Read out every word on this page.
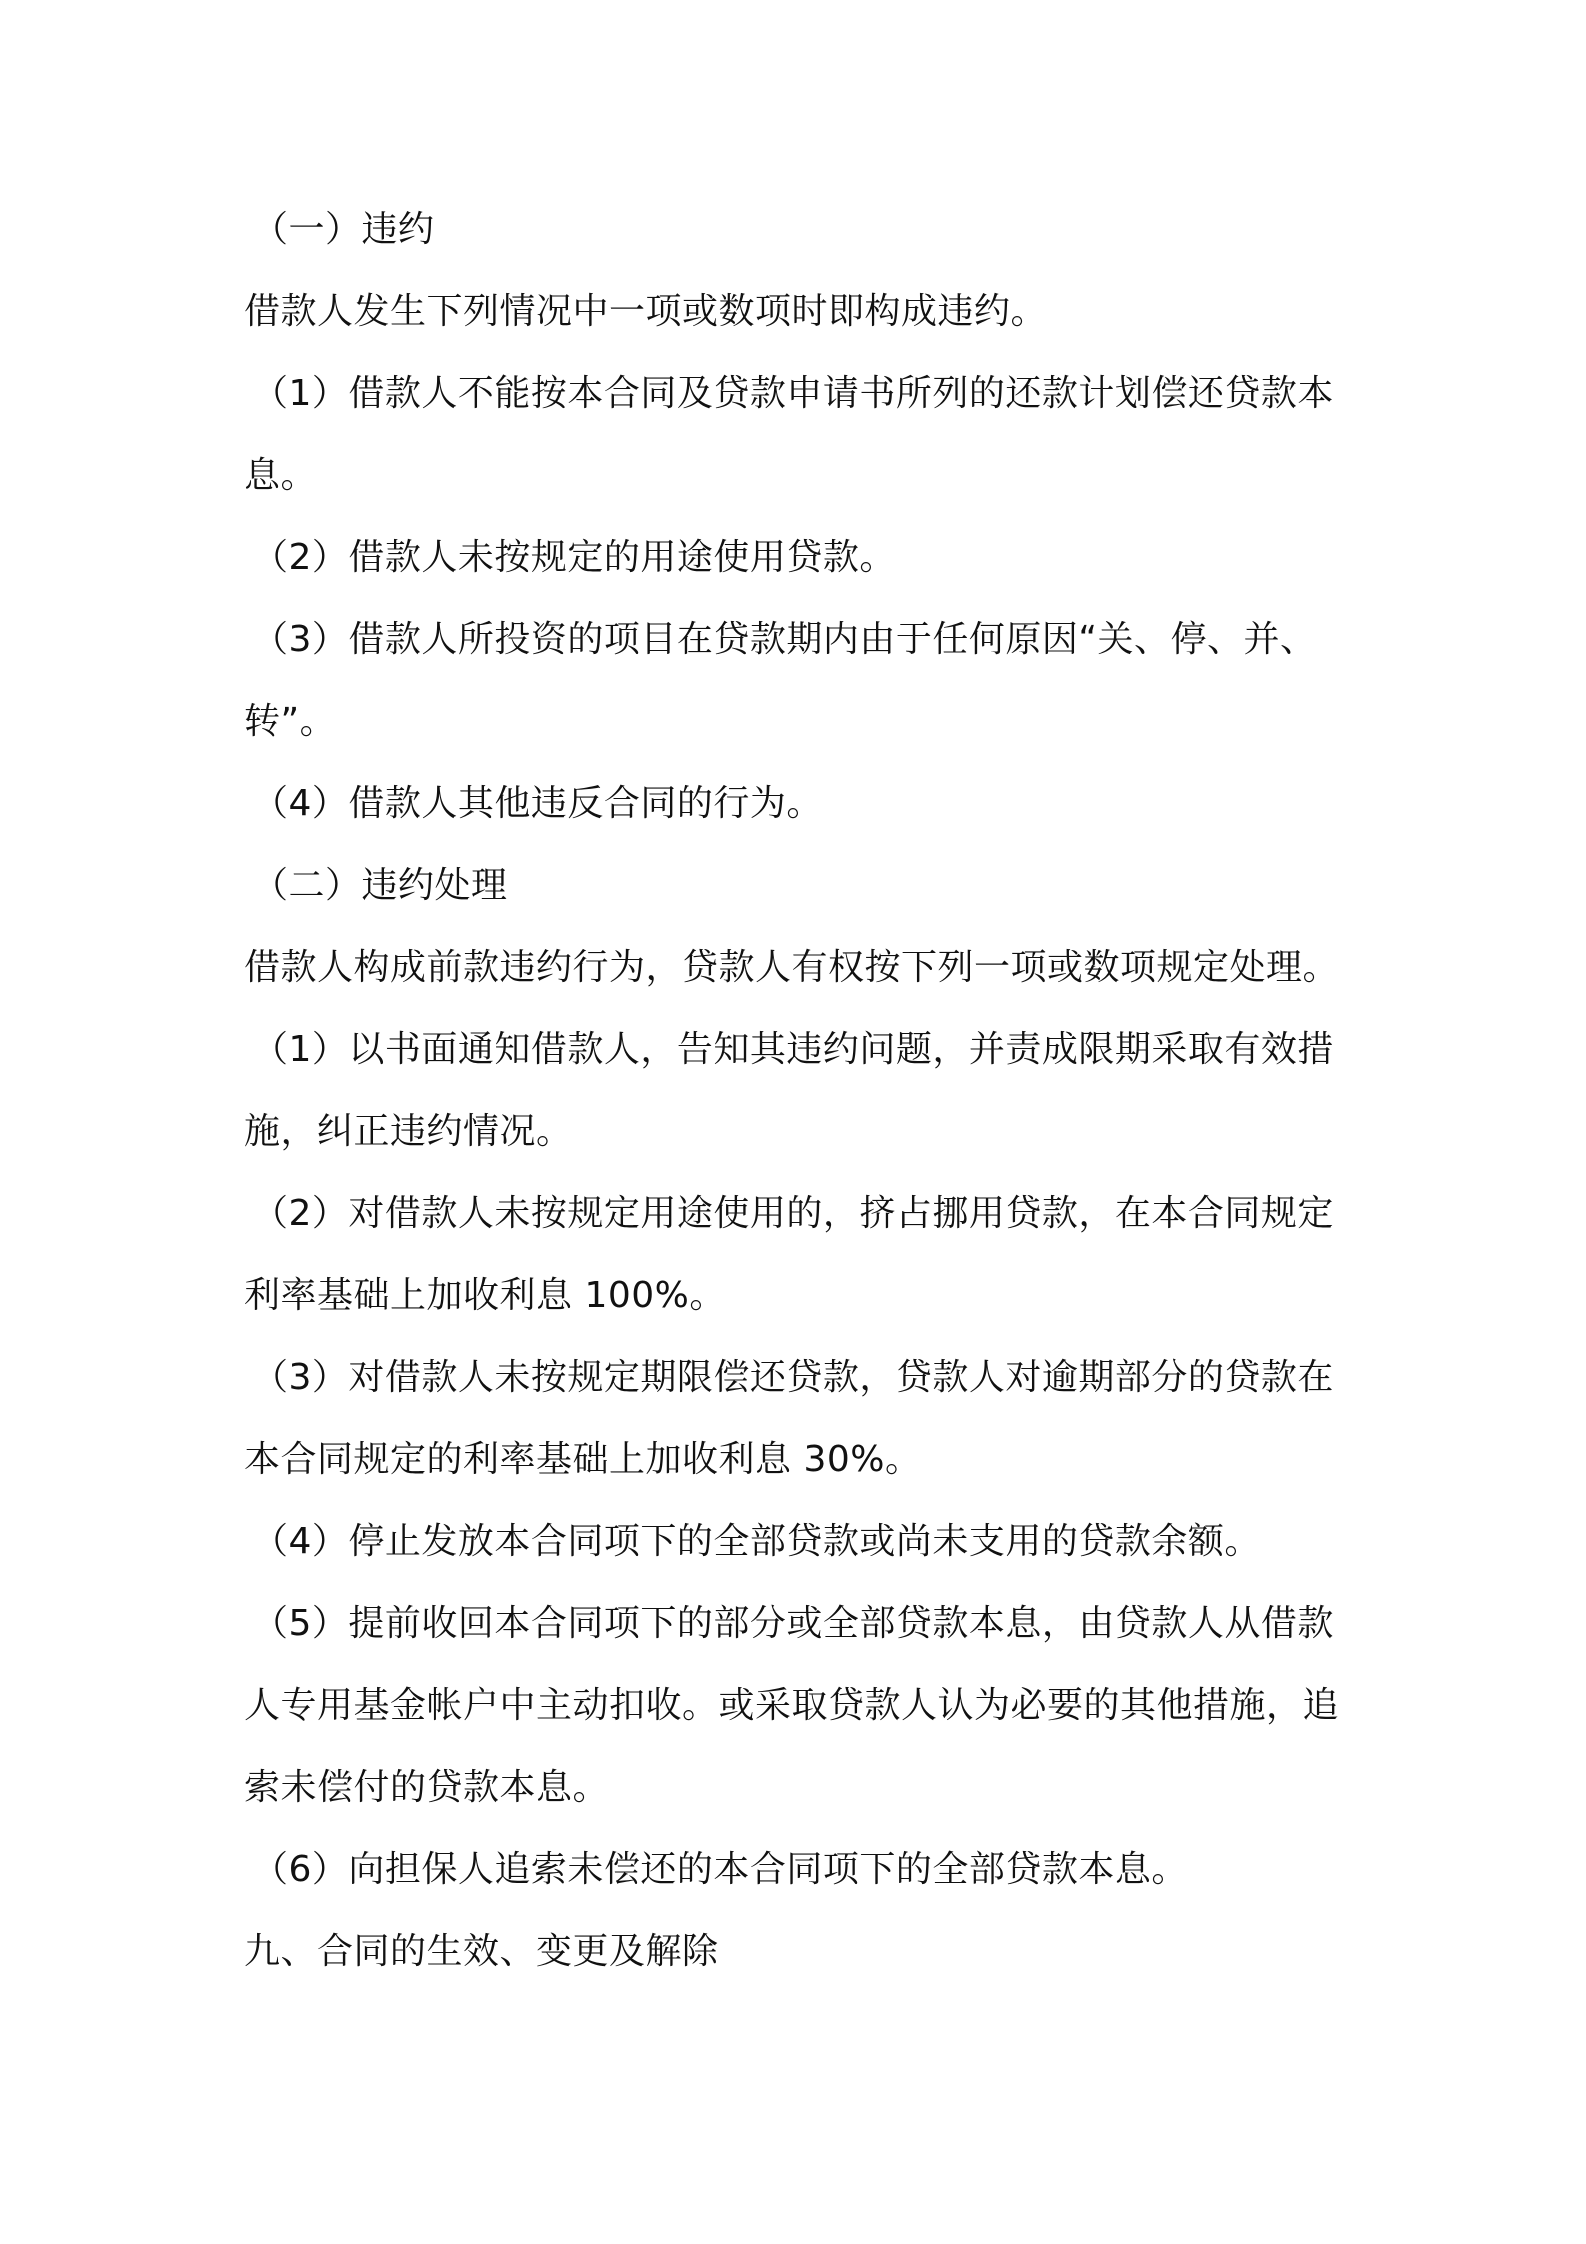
（一）违约
借款人发生下列情况中一项或数项时即构成违约。
（1）借款人不能按本合同及贷款申请书所列的还款计划偿还贷款本
息。
（2）借款人未按规定的用途使用贷款。
（3）借款人所投资的项目在贷款期内由于任何原因“关、停、并、
转”。
（4）借款人其他违反合同的行为。
（二）违约处理
借款人构成前款违约行为，贷款人有权按下列一项或数项规定处理。
（1）以书面通知借款人，告知其违约问题，并责成限期采取有效措
施，纠正违约情况。
（2）对借款人未按规定用途使用的，挤占挪用贷款，在本合同规定
利率基础上加收利息 100%。
（3）对借款人未按规定期限偿还贷款，贷款人对逾期部分的贷款在
本合同规定的利率基础上加收利息 30%。
（4）停止发放本合同项下的全部贷款或尚未支用的贷款余额。
（5）提前收回本合同项下的部分或全部贷款本息，由贷款人从借款
人专用基金帐户中主动扣收。或采取贷款人认为必要的其他措施，追
索未偿付的贷款本息。
（6）向担保人追索未偿还的本合同项下的全部贷款本息。
九、合同的生效、变更及解除
